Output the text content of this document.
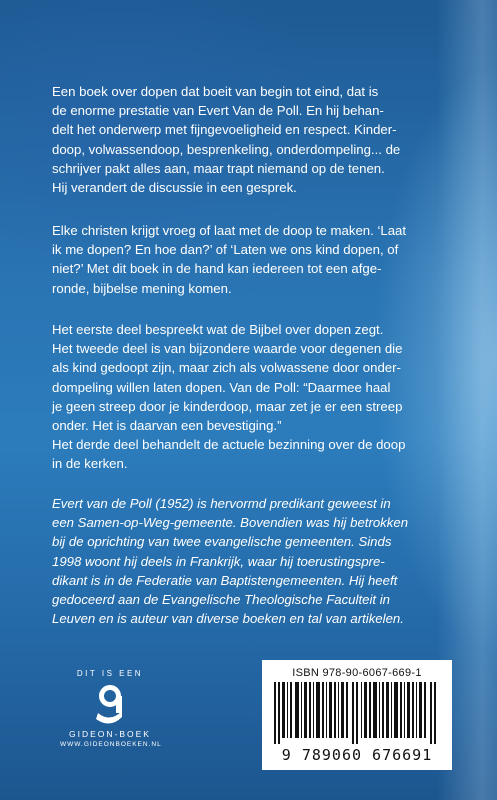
Een boek over dopen dat boeit van begin tot eind, dat is

de enorme prestatie van Evert Van de Poll. En hij behan-

delt het onderwerp met fijngevoeligheid en respect. Kinder-

doop, volwassendoop, besprenkeling, onderdompeling... de

schrijver pakt alles aan, maar trapt niemand op de tenen.

Hij verandert de discussie in een gesprek.

Elke christen krijgt vroeg of laat met de doop te maken. ‘Laat

ik me dopen? En hoe dan?’ of ‘Laten we ons kind dopen, of

niet?’ Met dit boek in de hand kan iedereen tot een afge-

ronde, bijbelse mening komen.

Het eerste deel bespreekt wat de Bijbel over dopen zegt.

Het tweede deel is van bijzondere waarde voor degenen die

als kind gedoopt zijn, maar zich als volwassene door onder-

dompeling willen laten dopen. Van de Poll: “Daarmee haal

je geen streep door je kinderdoop, maar zet je er een streep

onder. Het is daarvan een bevestiging.”

Het derde deel behandelt de actuele bezinning over de doop

in de kerken.

Evert van de Poll (1952) is hervormd predikant geweest in

een Samen-op-Weg-gemeente. Bovendien was hij betrokken

bij de oprichting van twee evangelische gemeenten. Sinds

1998 woont hij deels in Frankrijk, waar hij toerustingspre-

dikant is in de Federatie van Baptistengemeenten. Hij heeft

gedoceerd aan de Evangelische Theologische Faculteit in

Leuven en is auteur van diverse boeken en tal van artikelen.

DIT IS EEN
GIDEON-BOEK
WWW.GIDEONBOEKEN.NL
ISBN 978-90-6067-669-1
9 789060 676691
